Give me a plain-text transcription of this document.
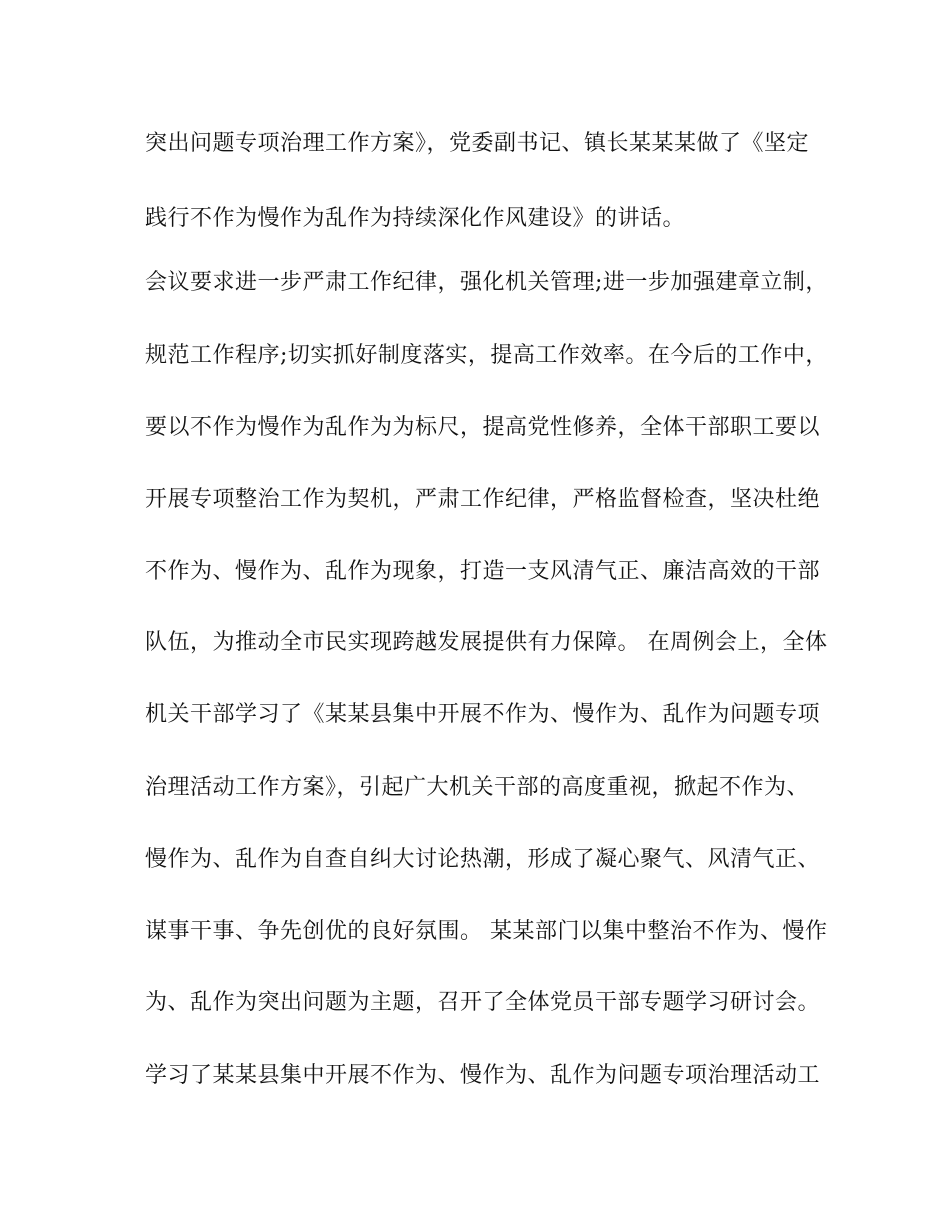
突出问题专项治理工作方案》，党委副书记、镇长某某某做了《坚定
践行不作为慢作为乱作为持续深化作风建设》的讲话。
会议要求进一步严肃工作纪律，强化机关管理;进一步加强建章立制，
规范工作程序;切实抓好制度落实，提高工作效率。在今后的工作中，
要以不作为慢作为乱作为为标尺，提高党性修养，全体干部职工要以
开展专项整治工作为契机，严肃工作纪律，严格监督检查，坚决杜绝
不作为、慢作为、乱作为现象，打造一支风清气正、廉洁高效的干部
队伍，为推动全市民实现跨越发展提供有力保障。 在周例会上，全体
机关干部学习了《某某县集中开展不作为、慢作为、乱作为问题专项
治理活动工作方案》，引起广大机关干部的高度重视，掀起不作为、
慢作为、乱作为自查自纠大讨论热潮，形成了凝心聚气、风清气正、
谋事干事、争先创优的良好氛围。 某某部门以集中整治不作为、慢作
为、乱作为突出问题为主题，召开了全体党员干部专题学习研讨会。
学习了某某县集中开展不作为、慢作为、乱作为问题专项治理活动工
